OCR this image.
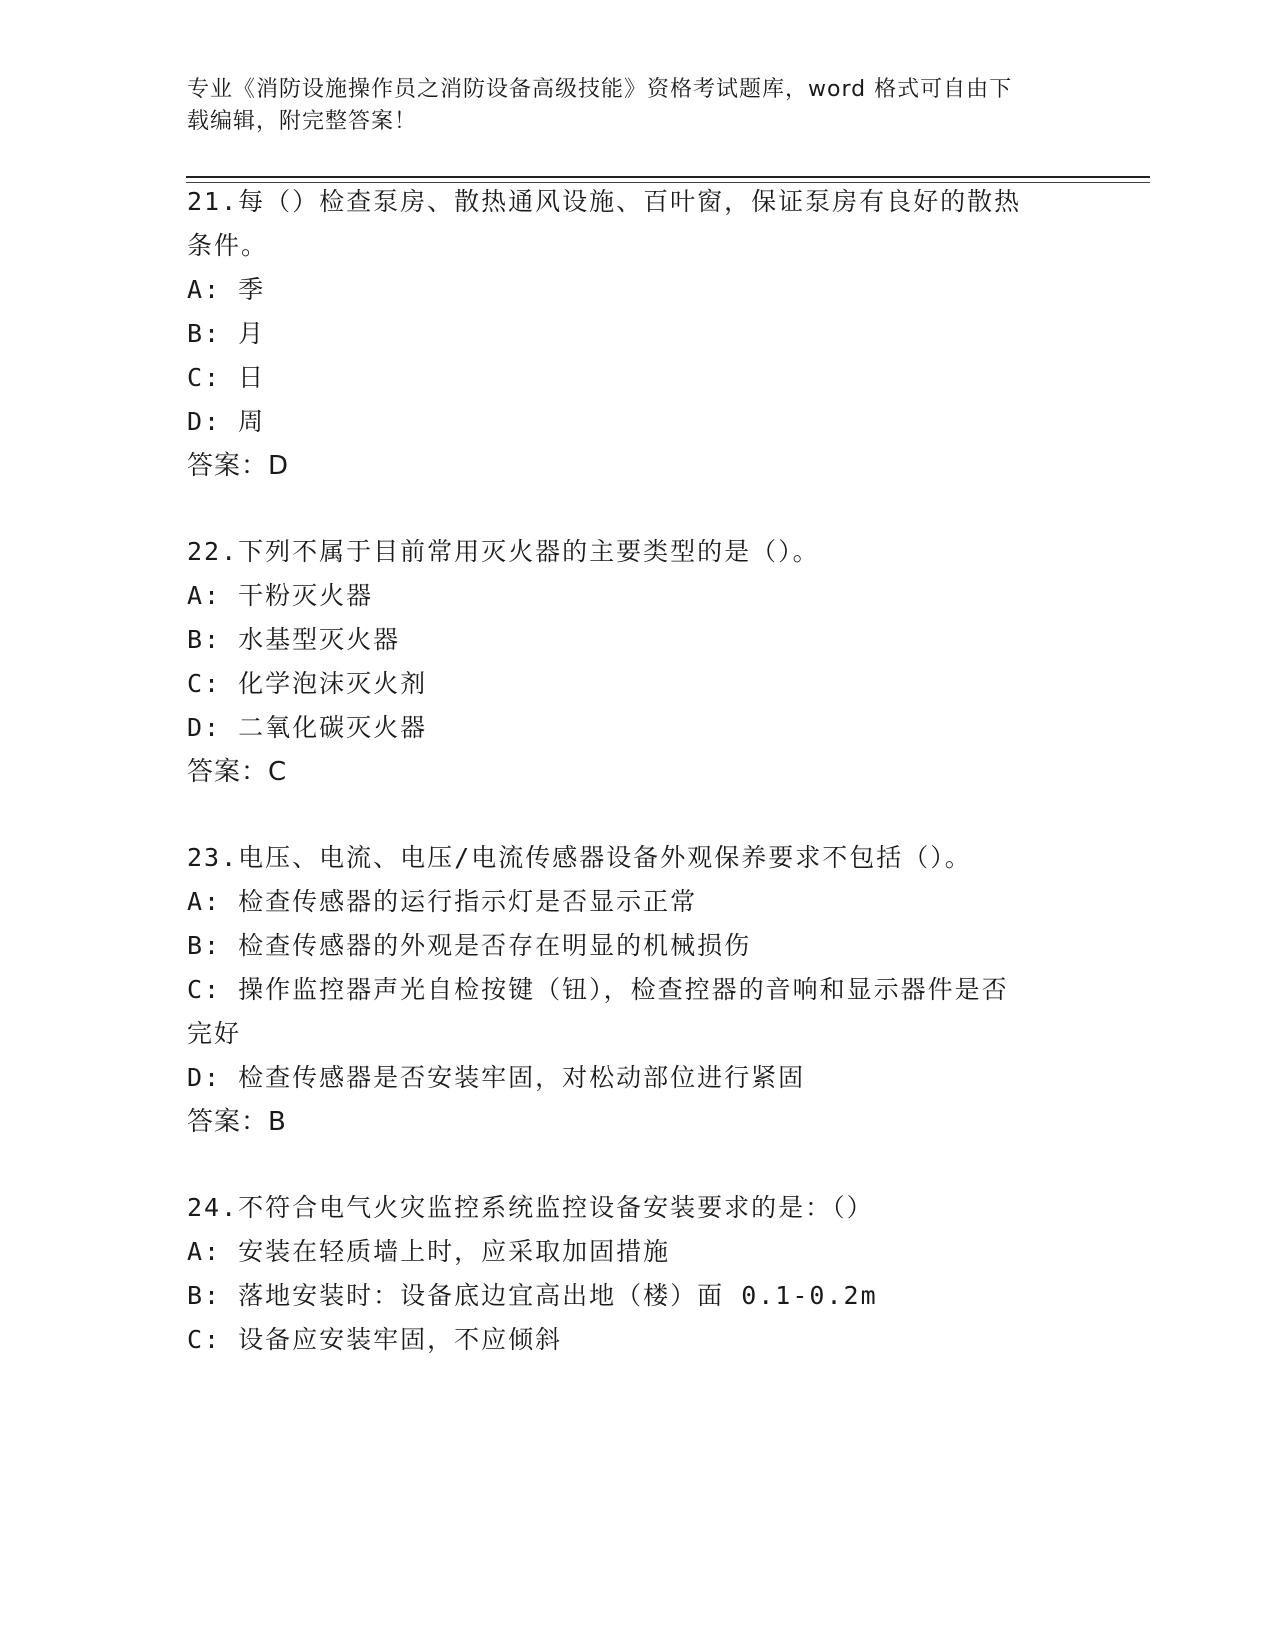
专业《消防设施操作员之消防设备高级技能》资格考试题库，word 格式可自由下
载编辑，附完整答案！
21.每（）检查泵房、散热通风设施、百叶窗，保证泵房有良好的散热
条件。
A: 季
B: 月
C: 日
D: 周
答案：D
22.下列不属于目前常用灭火器的主要类型的是（）。
A: 干粉灭火器
B: 水基型灭火器
C: 化学泡沫灭火剂
D: 二氧化碳灭火器
答案：C
23.电压、电流、电压/电流传感器设备外观保养要求不包括（）。
A: 检查传感器的运行指示灯是否显示正常
B: 检查传感器的外观是否存在明显的机械损伤
C: 操作监控器声光自检按键（钮），检查控器的音响和显示器件是否
完好
D: 检查传感器是否安装牢固，对松动部位进行紧固
答案：B
24.不符合电气火灾监控系统监控设备安装要求的是：（）
A: 安装在轻质墙上时，应采取加固措施
B: 落地安装时：设备底边宜高出地（楼）面 0.1-0.2m
C: 设备应安装牢固，不应倾斜
